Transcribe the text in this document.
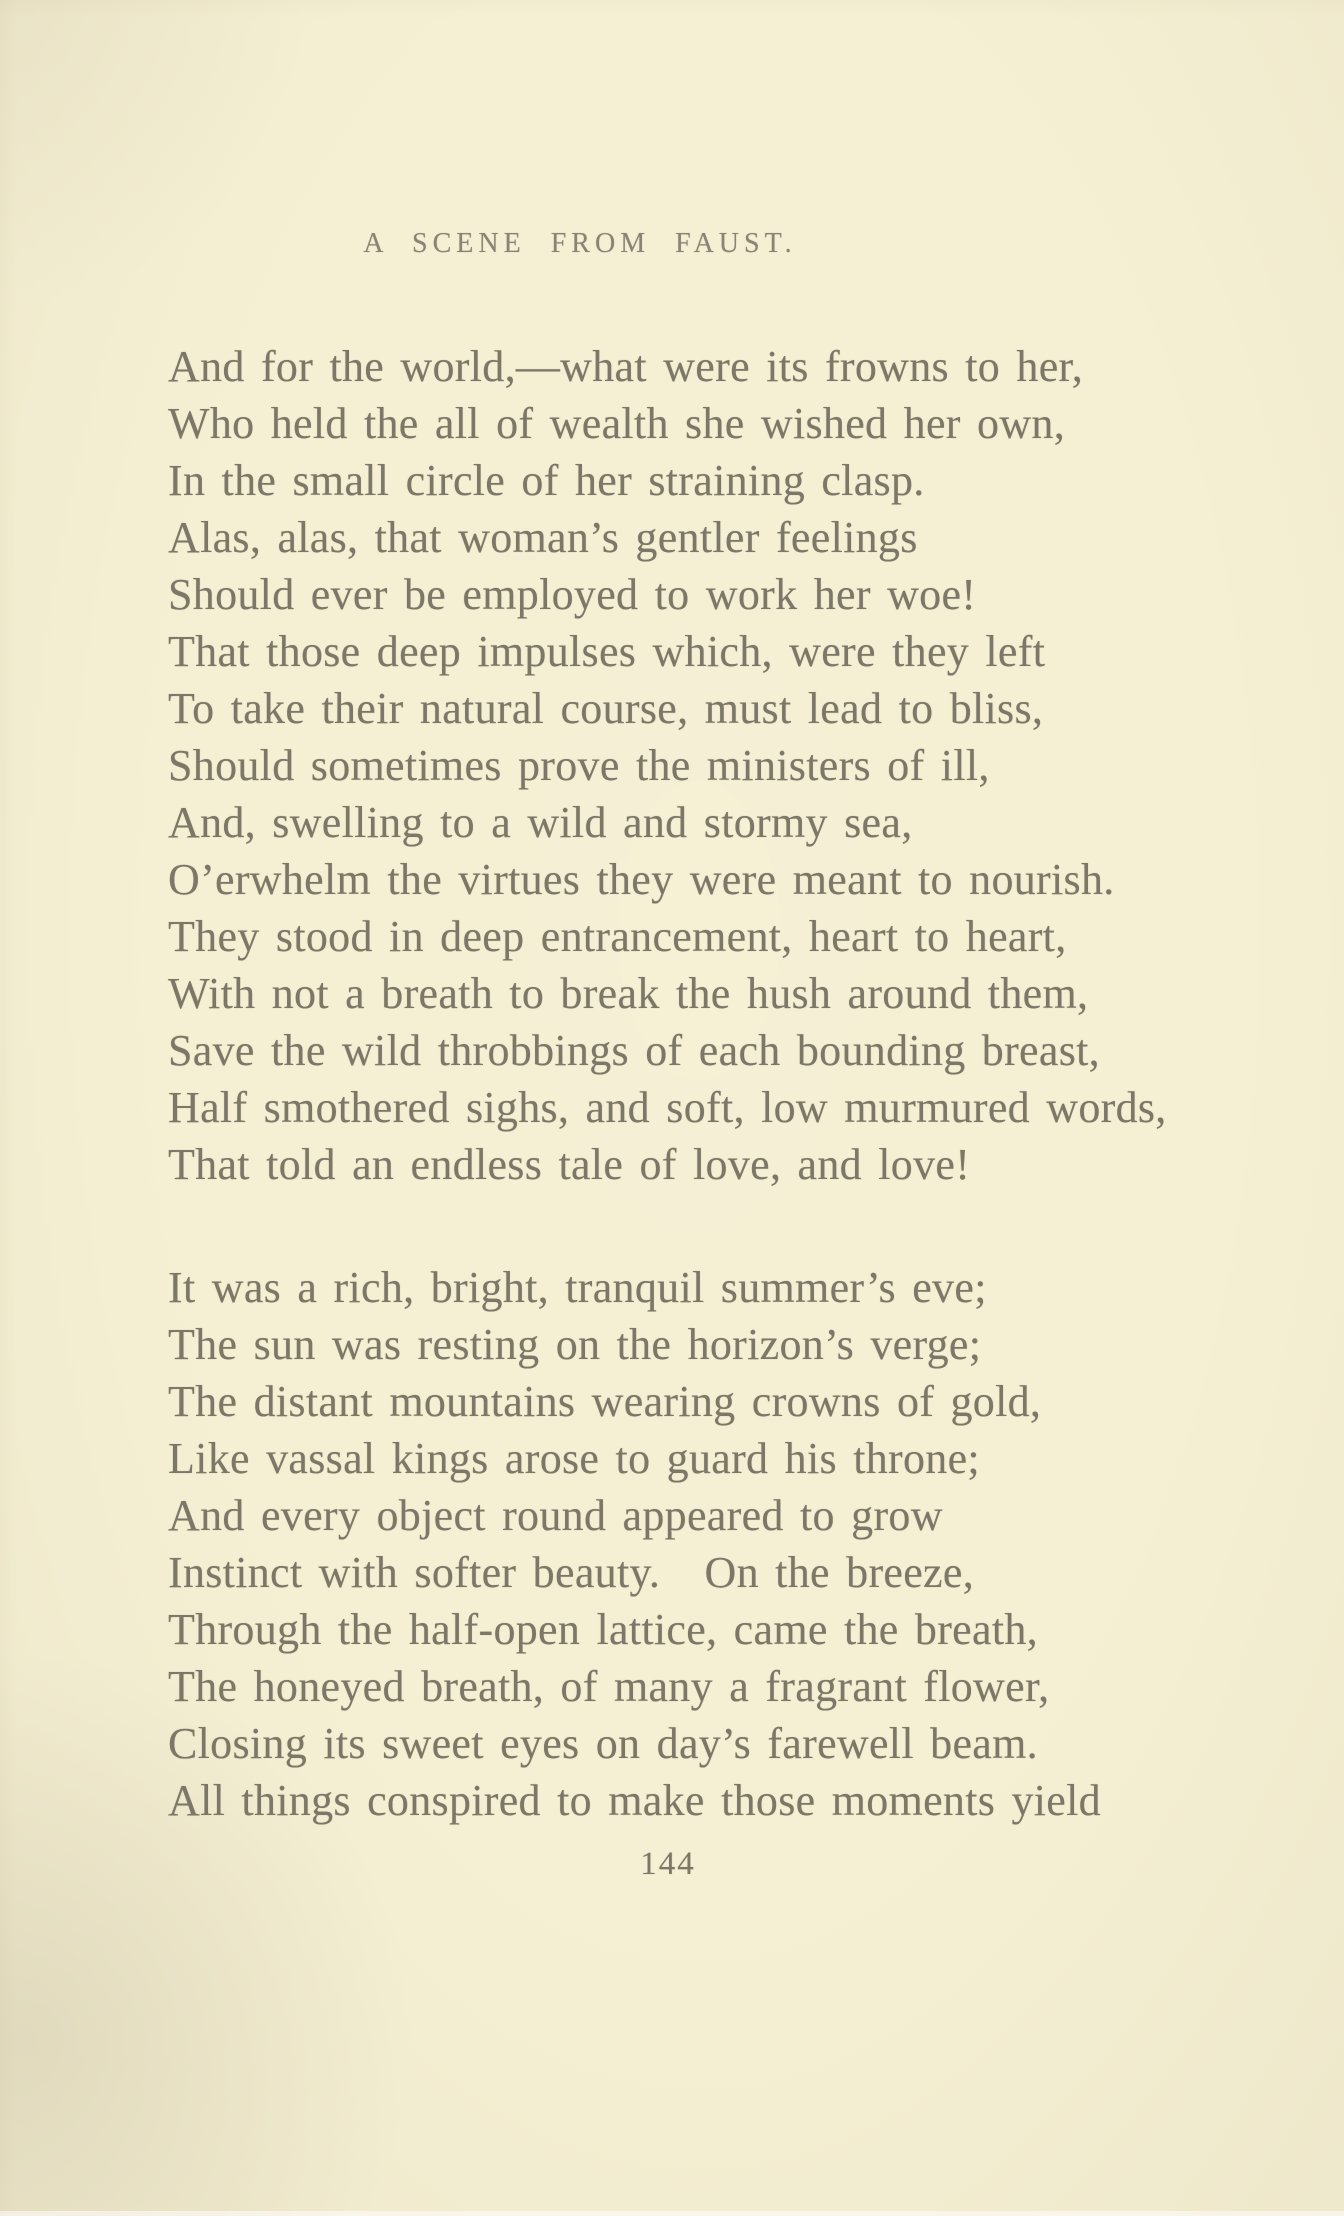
A SCENE FROM FAUST.
And for the world,—what were its frowns to her,
Who held the all of wealth she wished her own,
In the small circle of her straining clasp.
Alas, alas, that woman’s gentler feelings
Should ever be employed to work her woe!
That those deep impulses which, were they left
To take their natural course, must lead to bliss,
Should sometimes prove the ministers of ill,
And, swelling to a wild and stormy sea,
O’erwhelm the virtues they were meant to nourish.
They stood in deep entrancement, heart to heart,
With not a breath to break the hush around them,
Save the wild throbbings of each bounding breast,
Half smothered sighs, and soft, low murmured words,
That told an endless tale of love, and love!
It was a rich, bright, tranquil summer’s eve;
The sun was resting on the horizon’s verge;
The distant mountains wearing crowns of gold,
Like vassal kings arose to guard his throne;
And every object round appeared to grow
Instinct with softer beauty. On the breeze,
Through the half-open lattice, came the breath,
The honeyed breath, of many a fragrant flower,
Closing its sweet eyes on day’s farewell beam.
All things conspired to make those moments yield
144
